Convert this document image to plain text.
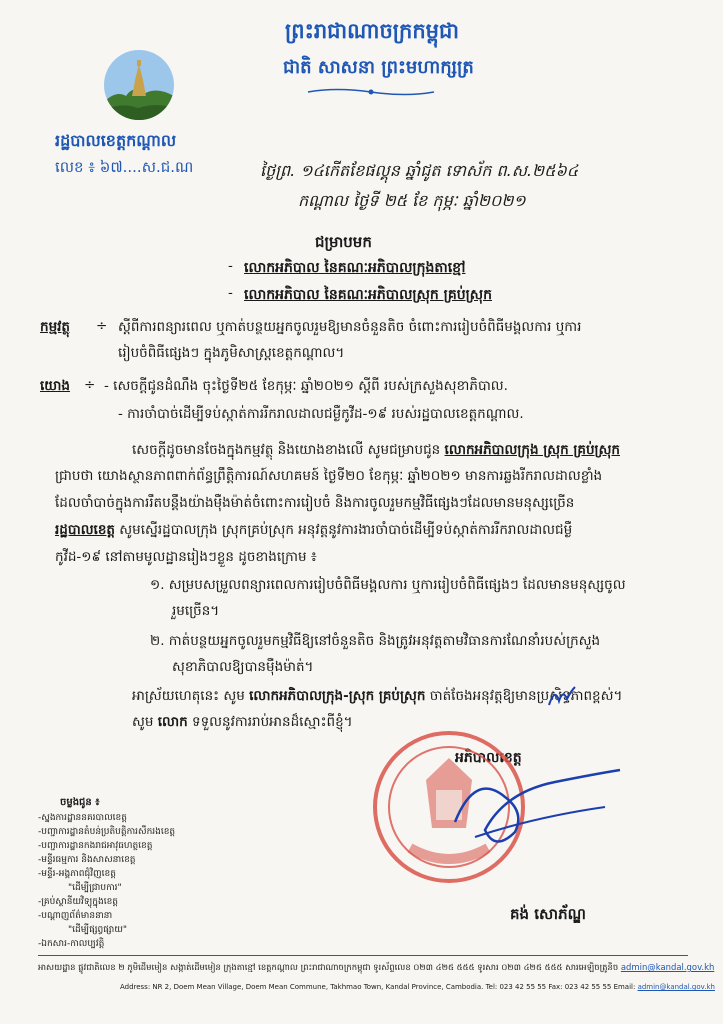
ព្រះរាជាណាចក្រកម្ពុជា
ជាតិ សាសនា ព្រះមហាក្សត្រ
រដ្ឋបាលខេត្តកណ្តាល
លេខ ៖ ៦៧....ស.ជ.ណ	ថ្ងៃព្រ. ១៤កើតខែផល្គុន ឆ្នាំជូត ទោស័ក ព.ស.២៥៦៤
កណ្តាល ថ្ងៃទី ២៥ ខែ កុម្ភៈ ឆ្នាំ២០២១
ជម្រាបមក
- លោកអភិបាល នៃគណៈអភិបាលក្រុងតាខ្មៅ
- លោកអភិបាល នៃគណៈអភិបាលស្រុក គ្រប់ស្រុក
កម្មវត្ថុ ÷ ស្តីពីការពន្យារពេល ឬកាត់បន្ថយអ្នកចូលរួមឱ្យមានចំនួនតិច ចំពោះការរៀបចំពិធីមង្គលការ ឬការ
រៀបចំពិធីផ្សេងៗ ក្នុងភូមិសាស្ត្រខេត្តកណ្តាល។
យោង ÷ - សេចក្តីជូនដំណឹង ចុះថ្ងៃទី២៥ ខែកុម្ភៈ ឆ្នាំ២០២១ ស្តីពី របស់ក្រសួងសុខាភិបាល.
- ការចាំបាច់ដើម្បីទប់ស្កាត់ការរីករាលដាលជម្ងឺកូវីដ-១៩ របស់រដ្ឋបាលខេត្តកណ្តាល.
សេចក្តីដូចមានចែងក្នុងកម្មវត្ថុ និងយោងខាងលើ សូមជម្រាបជូន លោកអភិបាលក្រុង ស្រុក គ្រប់ស្រុក
ជ្រាបថា យោងស្ថានភាពពាក់ព័ន្ធព្រឹត្តិការណ៍សហគមន៍ ថ្ងៃទី២០ ខែកុម្ភៈ ឆ្នាំ២០២១ មានការឆ្លងរីករាលដាលខ្លាំង
ដែលចាំបាច់ក្នុងការរឹតបន្តឹងយ៉ាងម៉ឺងម៉ាត់ចំពោះការរៀបចំ និងការចូលរួមកម្មវិធីផ្សេងៗដែលមានមនុស្សច្រើន
រដ្ឋបាលខេត្ត សូមស្នើរដ្ឋបាលក្រុង ស្រុកគ្រប់ស្រុក អនុវត្តនូវការងារចាំបាច់ដើម្បីទប់ស្កាត់ការរីករាលដាលជម្ងឺ
កូវីដ-១៩ នៅតាមមូលដ្ឋានរៀងៗខ្លួន ដូចខាងក្រោម ៖
១. សម្របសម្រួលពន្យារពេលការរៀបចំពិធីមង្គលការ ឬការរៀបចំពិធីផ្សេងៗ ដែលមានមនុស្សចូល
រួមច្រើន។
២. កាត់បន្ថយអ្នកចូលរួមកម្មវិធីឱ្យនៅចំនួនតិច និងត្រូវអនុវត្តតាមវិធានការណែនាំរបស់ក្រសួង
សុខាភិបាលឱ្យបានម៉ឺងម៉ាត់។
អាស្រ័យហេតុនេះ សូម លោកអភិបាលក្រុង-ស្រុក គ្រប់ស្រុក ចាត់ចែងអនុវត្តឱ្យមានប្រសិទ្ធភាពខ្ពស់។
សូម លោក ទទួលនូវការរាប់អានដ៏ស្មោះពីខ្ញុំ។
អភិបាលខេត្ត
គង់ សោភ័ណ្ឌ
ចម្លងជូន ៖
-ស្នងការដ្ឋាននគរបាលខេត្ត
-បញ្ជាការដ្ឋានតំបន់ប្រតិបត្តិការសឹករងខេត្ត
-បញ្ជាការដ្ឋានកងរាជអាវុធហត្ថខេត្ត
-មន្ទីរធម្មការ និងសាសនាខេត្ត
-មន្ទីរ-អង្គភាពជុំវិញខេត្ត
"ដើម្បីជ្រាបការ"
-គ្រប់ស្ថានីយវិទ្យុក្នុងខេត្ត
-បណ្តាញព័ត៌មាននានា
"ដើម្បីផ្សព្វផ្សាយ"
-ឯកសារ-កាលប្បវត្តិ
អាសយដ្ឋាន ផ្លូវជាតិលេខ ២ ភូមិដើមមៀន សង្កាត់ដើមមៀន ក្រុងតាខ្មៅ ខេត្តកណ្តាល ព្រះរាជាណាចក្រកម្ពុជា ទូរស័ព្ទលេខ ០២៣ ៤២៥ ៥៥៥ ទូរសារ ០២៣ ៤២៥ ៥៥៥ សារអេឡិចត្រូនិច admin@kandal.gov.kh
Address: NR 2, Doem Mean Village, Doem Mean Commune, Takhmao Town, Kandal Province, Cambodia. Tel: 023 42 55 55 Fax: 023 42 55 55 Email: admin@kandal.gov.kh
